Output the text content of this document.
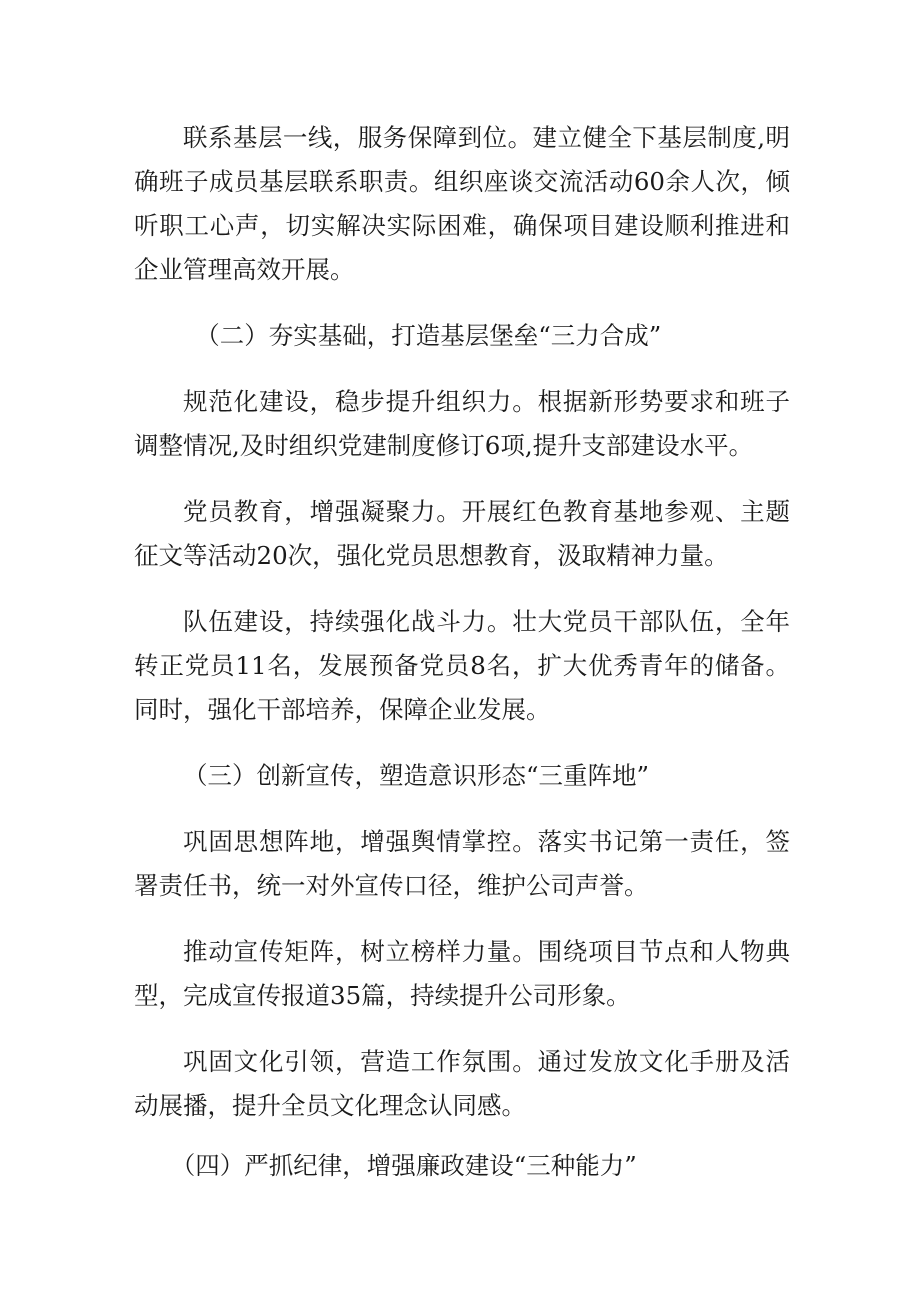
联系基层一线，服务保障到位。建立健全下基层制度,明确班子成员基层联系职责。组织座谈交流活动60余人次，倾听职工心声，切实解决实际困难，确保项目建设顺利推进和企业管理高效开展。

（二）夯实基础，打造基层堡垒“三力合成”

规范化建设，稳步提升组织力。根据新形势要求和班子调整情况,及时组织党建制度修订6项,提升支部建设水平。

党员教育，增强凝聚力。开展红色教育基地参观、主题征文等活动20次，强化党员思想教育，汲取精神力量。

队伍建设，持续强化战斗力。壮大党员干部队伍，全年转正党员11名，发展预备党员8名，扩大优秀青年的储备。同时，强化干部培养，保障企业发展。

（三）创新宣传，塑造意识形态“三重阵地”

巩固思想阵地，增强舆情掌控。落实书记第一责任，签署责任书，统一对外宣传口径，维护公司声誉。

推动宣传矩阵，树立榜样力量。围绕项目节点和人物典型，完成宣传报道35篇，持续提升公司形象。

巩固文化引领，营造工作氛围。通过发放文化手册及活动展播，提升全员文化理念认同感。

（四）严抓纪律，增强廉政建设“三种能力”
